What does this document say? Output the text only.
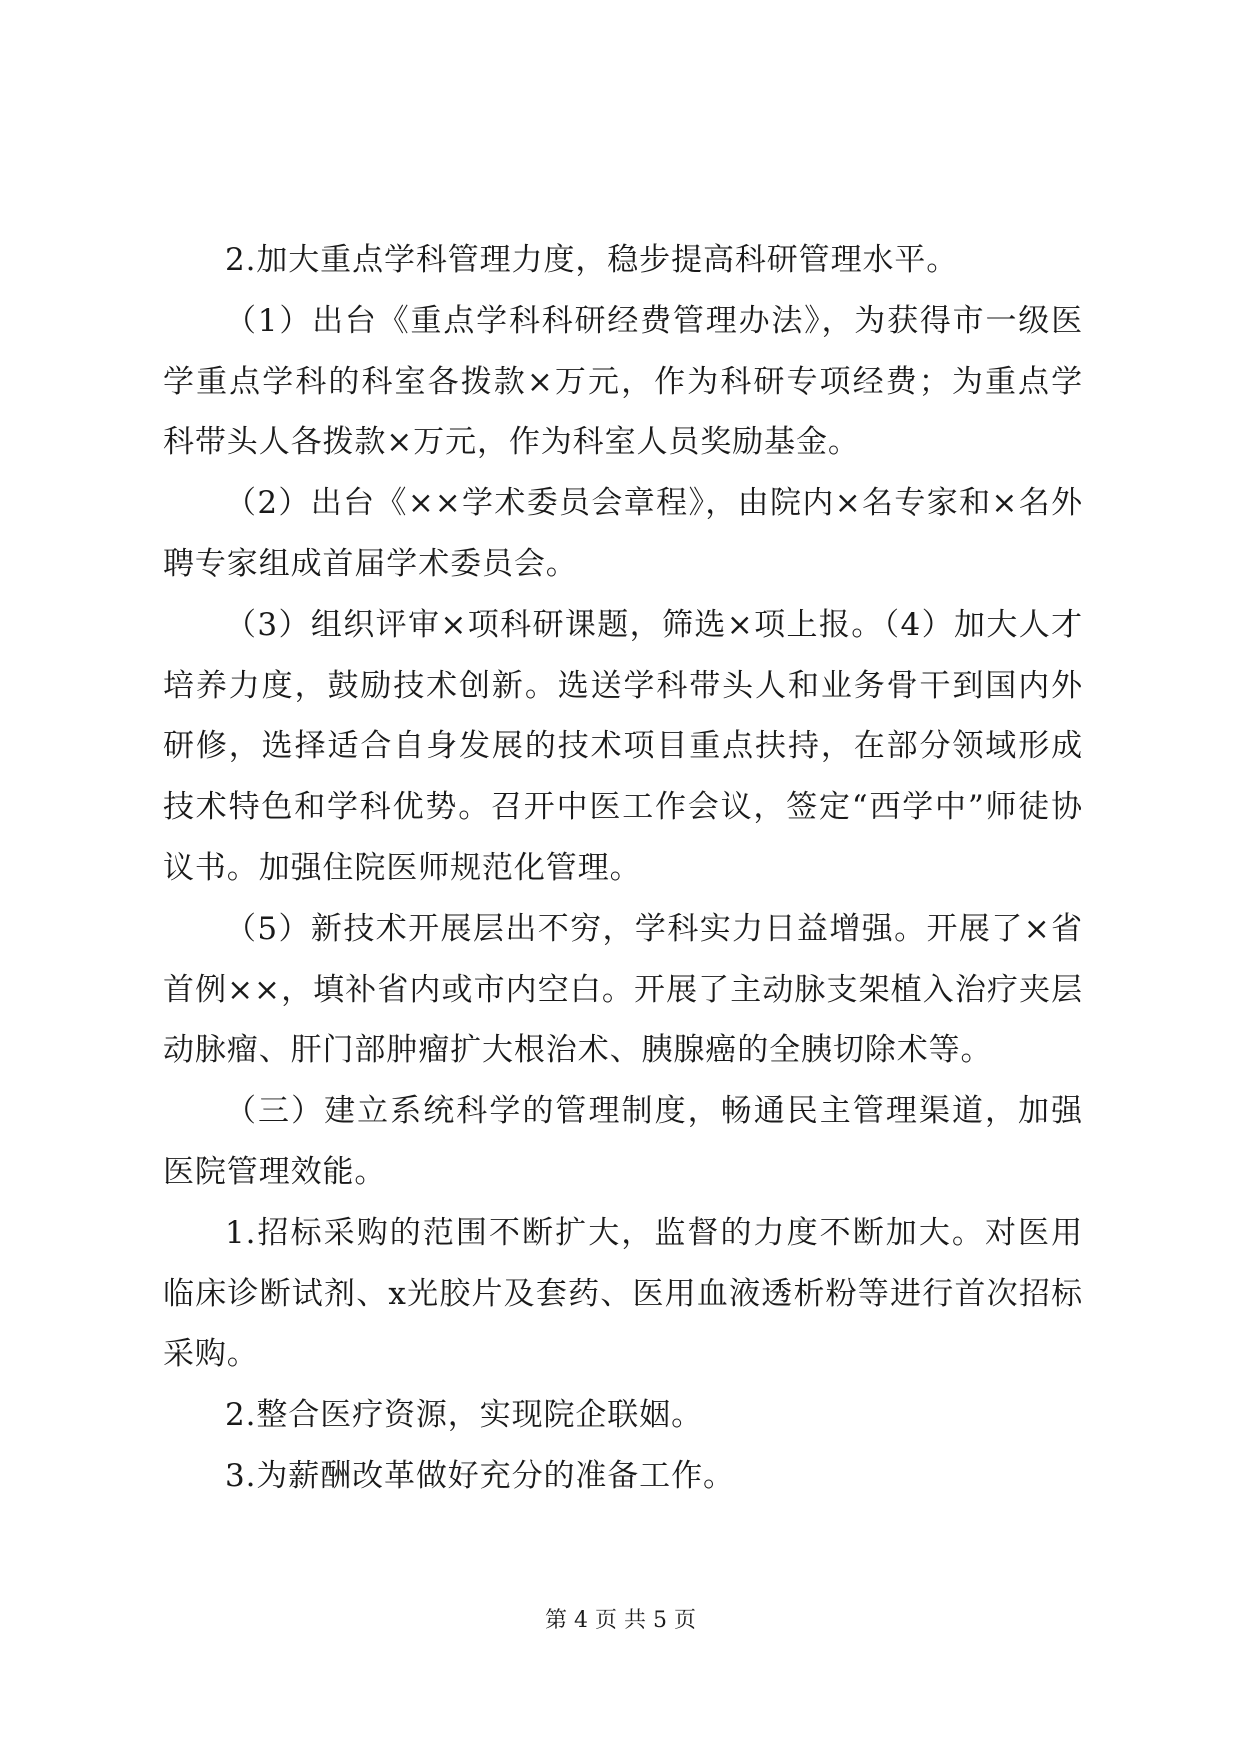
2.加大重点学科管理力度，稳步提高科研管理水平。

（1）出台《重点学科科研经费管理办法》，为获得市一级医学重点学科的科室各拨款×万元，作为科研专项经费；为重点学科带头人各拨款×万元，作为科室人员奖励基金。

（2）出台《××学术委员会章程》，由院内×名专家和×名外聘专家组成首届学术委员会。

（3）组织评审×项科研课题，筛选×项上报。（4）加大人才培养力度，鼓励技术创新。选送学科带头人和业务骨干到国内外研修，选择适合自身发展的技术项目重点扶持，在部分领域形成技术特色和学科优势。召开中医工作会议，签定“西学中”师徒协议书。加强住院医师规范化管理。

（5）新技术开展层出不穷，学科实力日益增强。开展了×省首例××，填补省内或市内空白。开展了主动脉支架植入治疗夹层动脉瘤、肝门部肿瘤扩大根治术、胰腺癌的全胰切除术等。

（三）建立系统科学的管理制度，畅通民主管理渠道，加强医院管理效能。

1.招标采购的范围不断扩大，监督的力度不断加大。对医用临床诊断试剂、x光胶片及套药、医用血液透析粉等进行首次招标采购。

2.整合医疗资源，实现院企联姻。

3.为薪酬改革做好充分的准备工作。

第 4 页 共 5 页
